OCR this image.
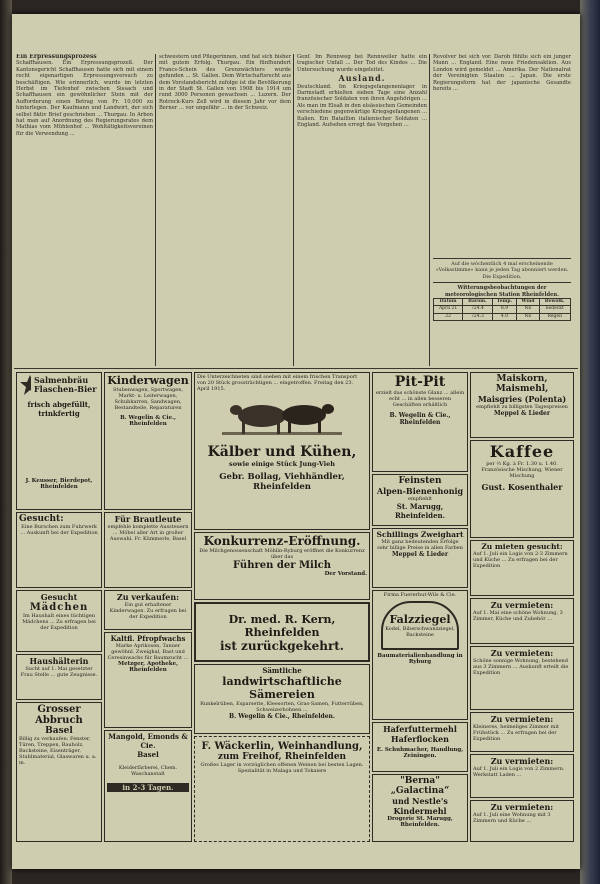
Ein Erpressungsprozess
Schaffhausen. Ein Erpressungsprozeß. Der Kantonsgericht Schaffhausen hatte sich mit einem recht eigenartigen Erpressungsversuch zu beschäftigen. Wie erinnerlich, wurde im letzten Herbst im Tiefenhof zwischen Sissach und Schaffhausen ein gewöhnlicher Stein mit der Aufforderung einen Betrag von Fr. 10,000 zu hinterlegen. Der Kaufmann und Landwirt, der sich selbst fiktiv Brief geschrieben ... Thurgau. In Arbon hat man auf Anordnung des Regierungsrates dem Mathias vom Mühlenhof ... Wohltätigkeitsvereinen für die Verwendung ...
schwestern und Pflegerinnen, und hat sich bisher mit gutem Erfolg. Thurgau. Ein fünfhundert Francs-Schein des Grenzwächters wurde gefunden ... St. Gallen. Dem Wirtschaftsrecht aus dem Vorstandsbericht zufolge ist die Bevölkerung in der Stadt St. Gallen von 1908 bis 1914 um rund 3000 Personen gewachsen ... Luzern. Der Rotrock-Kurs Zell wird in diesem Jahr vor dem Berner ... vor ungefähr ... in der Schweiz.
Genf. Im Rennweg bei Rennweiler hatte ein tragischer Unfall ... Der Tod des Kindes ... Die Untersuchung wurde eingeleitet.
Ausland.
Deutschland. Im Kriegsgefangenenlager in Darmstadt erhielten sieben Tage eine Anzahl französischer Soldaten von ihren Angehörigen ... Als man im Elsaß in den elsässischen Gemeinden verschiedene gegenwärtige Kriegsgefangenen ... Italien. Ein Bataillon italienischer Soldaten ... England. Aufsehen erregt das Vorgehen ...
Revolver bei sich vor. Darob fühlte sich ein junger Mann ... England. Eine neue Friedensaktion. Aus London wird gemeldet ... Amerika. Der Nationalrat der Vereinigten Staaten ... Japan. Die erste Regierungsform hat der japanische Gesandte bereits ...
Auf die wöchentlich 4 mal erscheinende »Volksstimme« kann je jeden Tag abonniert werden. Die Expedition.
Witterungsbeobachtungen der meteorologischen Station Rheinfelden.
Datum	Barom.	Temp.	Wind	Bewölk.
April 21	724.4	8.9	NE	bedeckt
22	724.3	4.0	NE	Regen
Salmenbräu Flaschen-Bier
frisch abgefüllt, trinkfertig
J. Keusser, Bierdepot, Rheinfelden
Gesucht:
Eine Burschen zum Fuhrwerk ... Auskunft bei der Expedition
Gesucht
Mädchen
Im Haushalt eines tüchtigen Mädchens ... Zu erfragen bei der Expedition
Haushälterin
Sucht auf 1. Mai gesetzter Frau Stelle ... gute Zeugnisse.
Grosser Abbruch
Basel
Billig zu verkaufen: Fenster, Türen, Treppen, Bauholz, Backsteine, Eisenträger, Stuhlmaterial, Glaswaren u. a. m.
Kinderwagen
Stubenwagen, Sportwagen, Markt- u. Leiterwagen, Schubkarren, Sandwagen, Bestandteile, Reparaturen
B. Wegelin & Cie., Rheinfelden
Für Brautleute
empfehle komplette Aussteuern ... Möbel aller Art in großer Auswahl. Fr. Kümmerle, Basel
Zu verkaufen:
Ein gut erhaltener Kinderwagen. Zu erfragen bei der Expedition
Kaltfl. Pfropfwachs
Marke Aprikosen, Tanner gewöhnl. Zweighal, Bast und Ceresinwachs für Baumzucht ...
Metzger, Apotheke, Rheinfelden
Mangold, Emonds & Cie.
Basel
Kleiderfärberei, Chem. Waschanstalt
in 2-3 Tagen.
Die Unterzeichneten sind soeben mit einem frischen Transport von 20 Stück grossträchtigen ... eingetroffen. Freitag den 23. April 1915.
Kälber und Kühen,
sowie einige Stück Jung-Vieh
Gebr. Bollag, Viehhändler, Rheinfelden
Konkurrenz-Eröffnung.
Die Milchgenossenschaft Möhlin-Ryburg eröffnet die Konkurrenz über das
Führen der Milch
Der Vorstand.
Dr. med. R. Kern, Rheinfelden
ist zurückgekehrt.
Sämtliche
landwirtschaftliche Sämereien
Runkelrüben, Esparsette, Kleesorten, Gras-Samen, Futterrüben, Schweizerbohnen ...
B. Wegelin & Cie., Rheinfelden.
F. Wäckerlin, Weinhandlung,
zum Freihof, Rheinfelden
Großes Lager in vorzüglichen offenen Weinen bei besten Lagen. Spezialität in Malaga und Tokaiere
Pit-Pit
erzielt das schönste Glanz ... allein echt ... in allen besseren Geschäften erhältlich
B. Wegelin & Cie., Rheinfelden
Feinsten
Alpen-Bienenhonig
empfiehlt
St. Marugg, Rheinfelden.
Schillings Zweighart
Mit ganz bedeutenden Erfolge sehr billige Preise in allen Farben
Meppel & Lieder
Firma Fuererbut-Wils & Cie.
Falzziegel
Kodel, Biberschwanzziegel, Backsteine
Baumaterialienhandlung in Ryburg
Haferfuttermehl Haferflocken
E. Schuhmacher, Handlung, Zeiningen.
"Berna" „Galactina“
und Nestle's Kindermehl
Drogerie St. Marugg, Rheinfelden.
Maiskorn, Maismehl,
Maisgries (Polenta)
empfiehlt zu billigsten Tagespreisen
Meppel & Lieder
Kaffee
per ½ Kg. à Fr. 1.30 u. 1.40. Französische Mischung, Wiener Mischung
Gust. Kosenthaler
Zu mieten gesucht:
Auf 1. Juli ein Logis von 2-3 Zimmern und Küche ... Zu erfragen bei der Expedition
Zu vermieten:
Auf 1. Mai eine schöne Wohnung, 3 Zimmer, Küche und Zubehör ...
Zu vermieten:
Schöne sonnige Wohnung, bestehend aus 3 Zimmern ... Auskunft erteilt die Expedition
Zu vermieten:
Kleineres, heimeliges Zimmer mit Frühstück ... Zu erfragen bei der Expedition
Zu vermieten:
Auf 1. Juli ein Logis von 2 Zimmern. Werkstatt Laden ...
Zu vermieten:
Auf 1. Juli eine Wohnung mit 3 Zimmern und Küche ...
